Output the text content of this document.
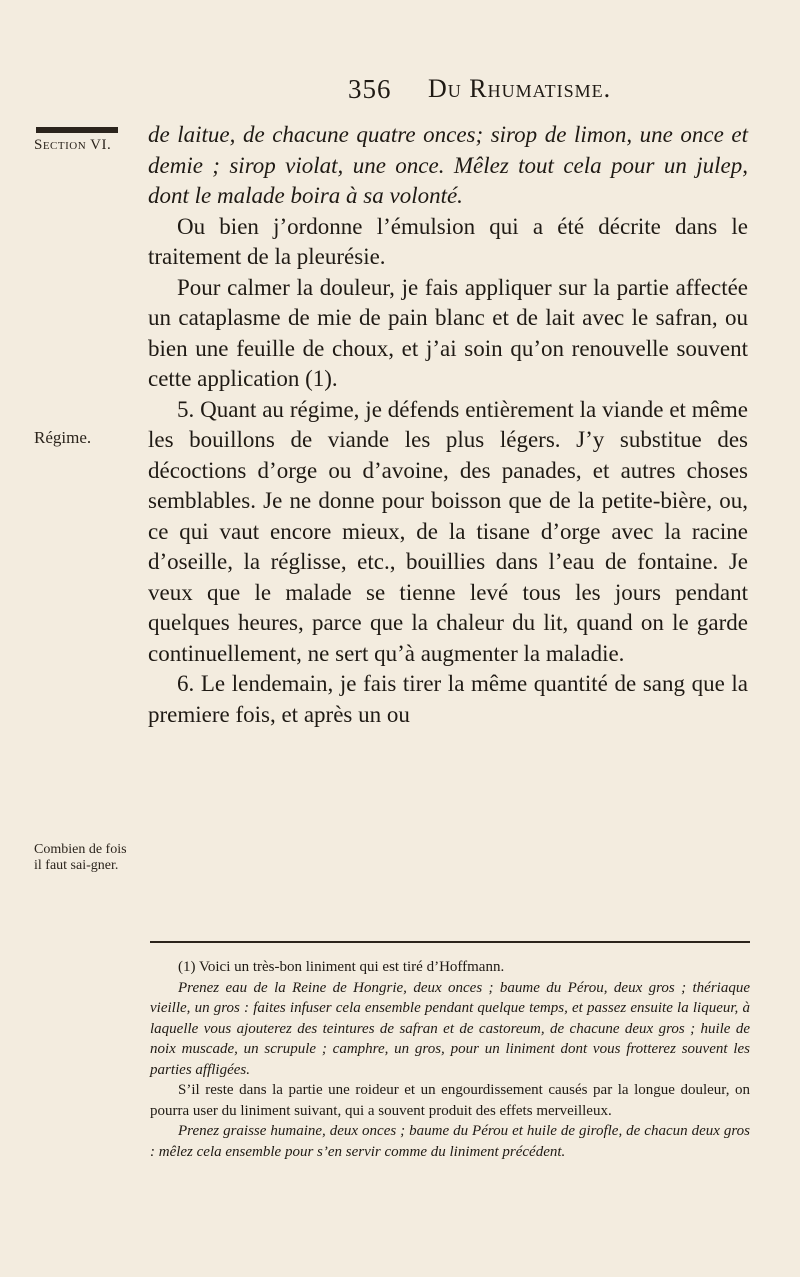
356 Du Rhumatisme.
Section VI.
Régime.
Combien de fois il faut sai-gner.

de laitue, de chacune quatre onces; sirop de limon, une once et demie ; sirop violat, une once. Mêlez tout cela pour un julep, dont le malade boira à sa volonté.

Ou bien j’ordonne l’émulsion qui a été décrite dans le traitement de la pleurésie.

Pour calmer la douleur, je fais appliquer sur la partie affectée un cataplasme de mie de pain blanc et de lait avec le safran, ou bien une feuille de choux, et j’ai soin qu’on renouvelle souvent cette application (1).

5. Quant au régime, je défends entièrement la viande et même les bouillons de viande les plus légers. J’y substitue des décoctions d’orge ou d’avoine, des panades, et autres choses semblables. Je ne donne pour boisson que de la petite-bière, ou, ce qui vaut encore mieux, de la tisane d’orge avec la racine d’oseille, la réglisse, etc., bouillies dans l’eau de fontaine. Je veux que le malade se tienne levé tous les jours pendant quelques heures, parce que la chaleur du lit, quand on le garde continuellement, ne sert qu’à augmenter la maladie.

6. Le lendemain, je fais tirer la même quantité de sang que la premiere fois, et après un ou

(1) Voici un très-bon liniment qui est tiré d’Hoffmann.

Prenez eau de la Reine de Hongrie, deux onces ; baume du Pérou, deux gros ; thériaque vieille, un gros : faites infuser cela ensemble pendant quelque temps, et passez ensuite la liqueur, à laquelle vous ajouterez des teintures de safran et de castoreum, de chacune deux gros ; huile de noix muscade, un scrupule ; camphre, un gros, pour un liniment dont vous frotterez souvent les parties affligées.

S’il reste dans la partie une roideur et un engourdissement causés par la longue douleur, on pourra user du liniment suivant, qui a souvent produit des effets merveilleux.

Prenez graisse humaine, deux onces ; baume du Pérou et huile de girofle, de chacun deux gros : mêlez cela ensemble pour s’en servir comme du liniment précédent.
